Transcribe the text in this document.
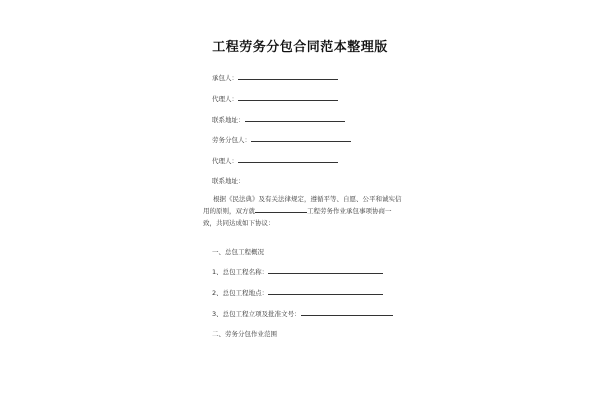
工程劳务分包合同范本整理版
承包人：
代理人：
联系地址：
劳务分包人：
代理人：
联系地址：
根据《民法典》及有关法律规定，遵循平等、自愿、公平和诚实信用的原则，双方就	工程劳务作业承包事项协商一致，共同达成如下协议：
一、总包工程概况
1、总包工程名称：
2、总包工程地点：
3、总包工程立项及批准文号：
二、劳务分包作业范围
